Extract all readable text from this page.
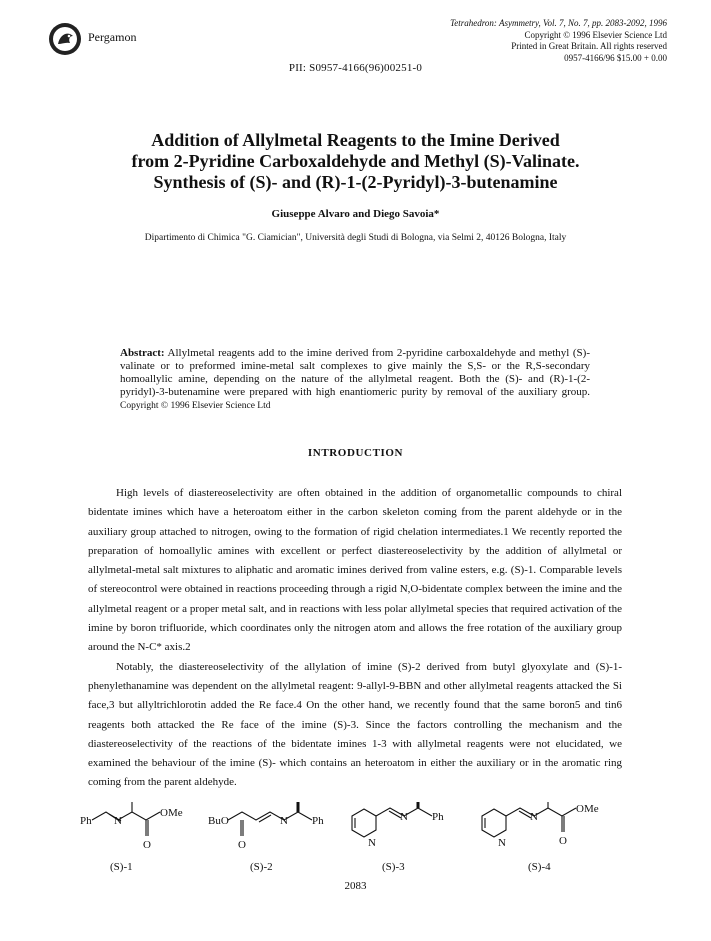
Pergamon
Tetrahedron: Asymmetry, Vol. 7, No. 7, pp. 2083-2092, 1996
Copyright © 1996 Elsevier Science Ltd
Printed in Great Britain. All rights reserved
0957-4166/96 $15.00 + 0.00
PII: S0957-4166(96)00251-0
Addition of Allylmetal Reagents to the Imine Derived
from 2-Pyridine Carboxaldehyde and Methyl (S)-Valinate.
Synthesis of (S)- and (R)-1-(2-Pyridyl)-3-butenamine
Giuseppe Alvaro and Diego Savoia*
Dipartimento di Chimica "G. Ciamician", Università degli Studi di Bologna, via Selmi 2, 40126 Bologna, Italy
Abstract: Allylmetal reagents add to the imine derived from 2-pyridine carboxaldehyde and methyl (S)-valinate or to preformed imine-metal salt complexes to give mainly the S,S- or the R,S-secondary homoallylic amine, depending on the nature of the allylmetal reagent. Both the (S)- and (R)-1-(2-pyridyl)-3-butenamine were prepared with high enantiomeric purity by removal of the auxiliary group. Copyright © 1996 Elsevier Science Ltd
INTRODUCTION

High levels of diastereoselectivity are often obtained in the addition of organometallic compounds to chiral bidentate imines which have a heteroatom either in the carbon skeleton coming from the parent aldehyde or in the auxiliary group attached to nitrogen, owing to the formation of rigid chelation intermediates.1 We recently reported the preparation of homoallylic amines with excellent or perfect diastereoselectivity by the addition of allylmetal or allylmetal-metal salt mixtures to aliphatic and aromatic imines derived from valine esters, e.g. (S)-1. Comparable levels of stereocontrol were obtained in reactions proceeding through a rigid N,O-bidentate complex between the imine and the allylmetal reagent or a proper metal salt, and in reactions with less polar allylmetal species that required activation of the imine by boron trifluoride, which coordinates only the nitrogen atom and allows the free rotation of the auxiliary group around the N-C* axis.2

Notably, the diastereoselectivity of the allylation of imine (S)-2 derived from butyl glyoxylate and (S)-1-phenylethanamine was dependent on the allylmetal reagent: 9-allyl-9-BBN and other allylmetal reagents attacked the Si face,3 but allyltrichlorotin added the Re face.4 On the other hand, we recently found that the same boron5 and tin6 reagents both attacked the Re face of the imine (S)-3. Since the factors controlling the mechanism and the diastereoselectivity of the reactions of the bidentate imines 1-3 with allylmetal reagents were not elucidated, we examined the behaviour of the imine (S)- which contains an heteroatom in either the auxiliary or in the aromatic ring coming from the parent aldehyde.

Ph N
OMe
O
BuO
O
N Ph
N
N Ph
N
N
OMe
O
(S)-1	(S)-2	(S)-3	(S)-4
2083
